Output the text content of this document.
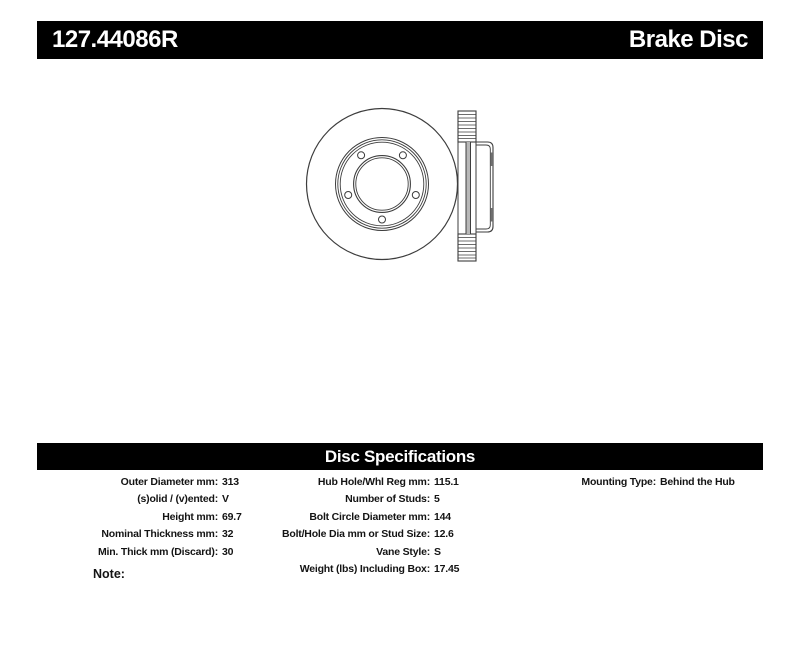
127.44086R	Brake Disc
Disc Specifications
Outer Diameter mm: 313
(s)olid / (v)ented: V
Height mm: 69.7
Nominal Thickness mm: 32
Min. Thick mm (Discard): 30
Hub Hole/Whl Reg mm: 115.1
Number of Studs: 5
Bolt Circle Diameter mm: 144
Bolt/Hole Dia mm or Stud Size: 12.6
Vane Style: S
Weight (lbs) Including Box: 17.45
Mounting Type: Behind the Hub
Note:
